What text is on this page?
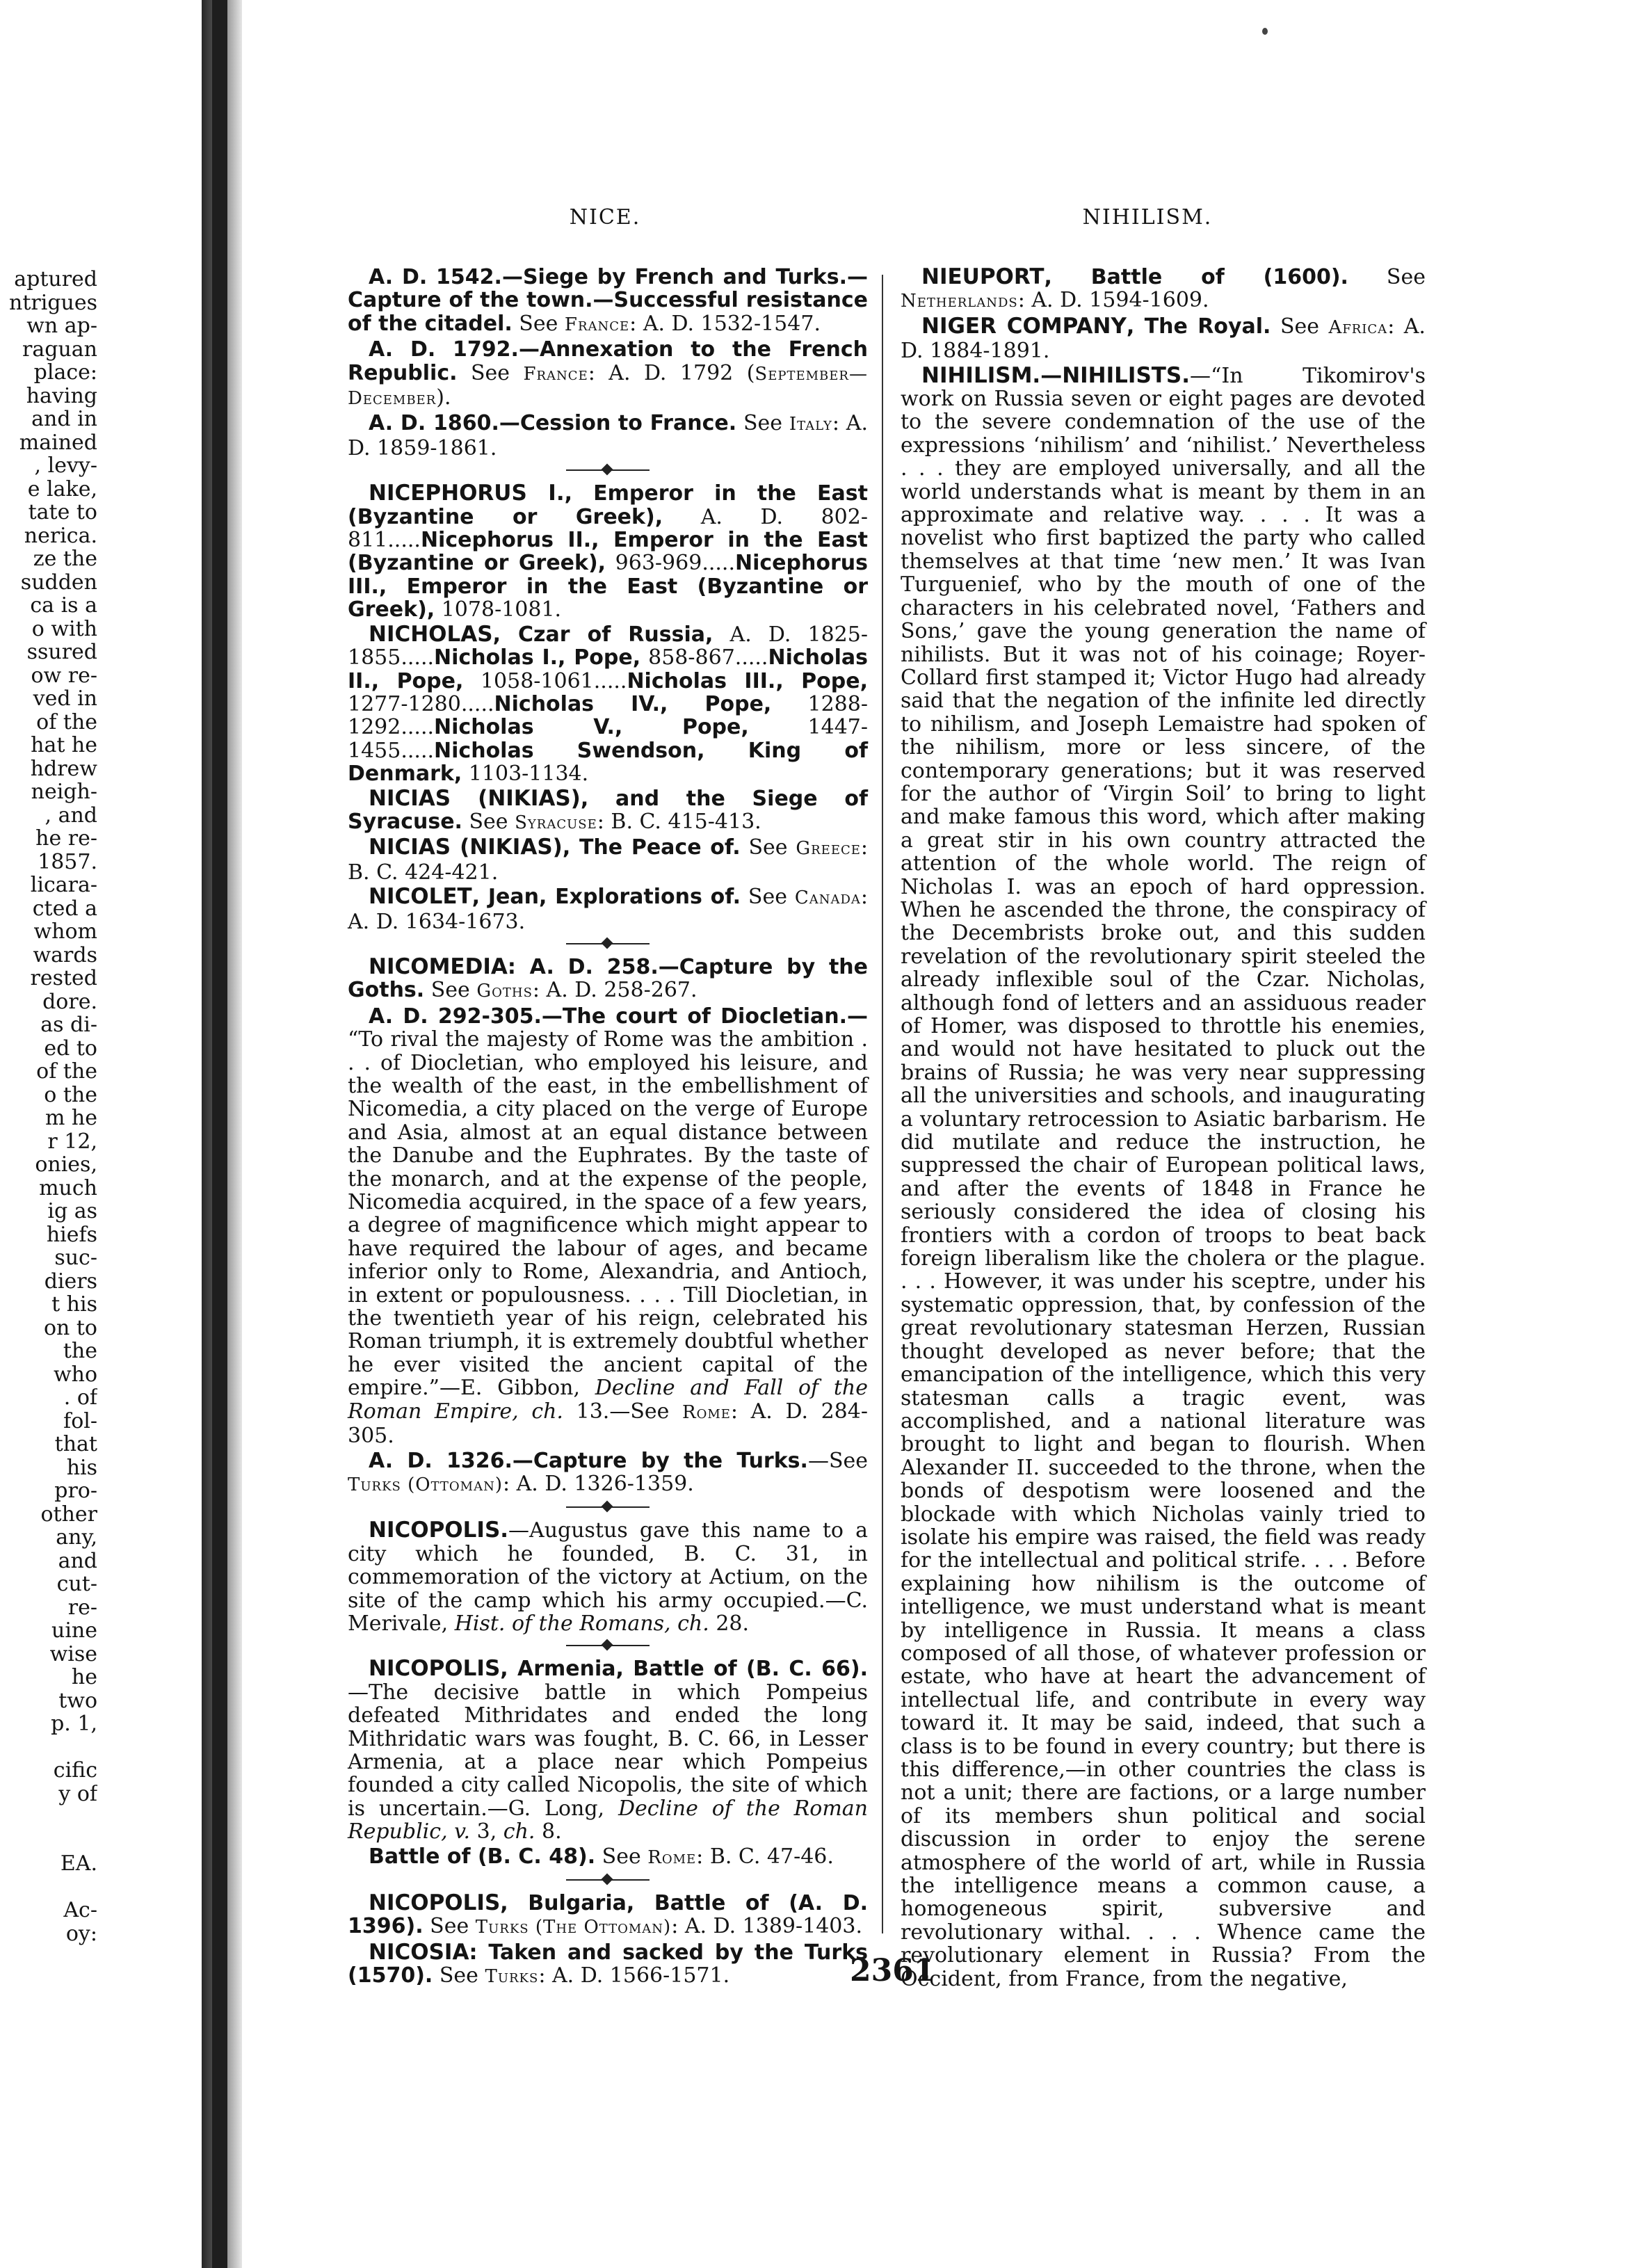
aptured
ntrigues
wn ap-
raguan
place:
having
and in
mained
, levy-
e lake,
tate to
nerica.
ze the
sudden
ca is a
o with
ssured
ow re-
ved in
of the
hat he
hdrew
neigh-
, and
he re-
1857.
licara-
cted a
whom
wards
rested
dore.
as di-
ed to
of the
o the
m he
r 12,
onies,
much
ig as
hiefs
suc-
diers
t his
on to
the
who
. of
fol-
that
his
pro-
other
any,
and
cut-
re-
uine
wise
he
two
p. 1,
cific
y of
EA.
Ac-
oy:
NICE.	NIHILISM.

A. D. 1542.—Siege by French and Turks.—Capture of the town.—Successful resistance of the citadel. See France: A. D. 1532-1547.

A. D. 1792.—Annexation to the French Republic. See France: A. D. 1792 (September—December).

A. D. 1860.—Cession to France. See Italy: A. D. 1859-1861.

NICEPHORUS I., Emperor in the East (Byzantine or Greek), A. D. 802-811.....Nicephorus II., Emperor in the East (Byzantine or Greek), 963-969.....Nicephorus III., Emperor in the East (Byzantine or Greek), 1078-1081.

NICHOLAS, Czar of Russia, A. D. 1825-1855.....Nicholas I., Pope, 858-867.....Nicholas II., Pope, 1058-1061.....Nicholas III., Pope, 1277-1280.....Nicholas IV., Pope, 1288-1292.....Nicholas V., Pope,	1447-1455.....Nicholas Swendson, King of Denmark, 1103-1134.

NICIAS (NIKIAS), and the Siege of Syracuse. See Syracuse: B. C. 415-413.

NICIAS (NIKIAS), The Peace of. See Greece: B. C. 424-421.

NICOLET, Jean, Explorations of. See Canada: A. D. 1634-1673.

NICOMEDIA: A. D. 258.—Capture by the Goths. See Goths: A. D. 258-267.

A. D. 292-305.—The court of Diocletian.— “To rival the majesty of Rome was the ambition . . . of Diocletian, who employed his leisure, and the wealth of the east, in the embellishment of Nicomedia, a city placed on the verge of Europe and Asia, almost at an equal distance between the Danube and the Euphrates. By the taste of the monarch, and at the expense of the people, Nicomedia acquired, in the space of a few years, a degree of magnificence which might appear to have required the labour of ages, and became inferior only to Rome, Alexandria, and Antioch, in extent or populousness. . . . Till Diocletian, in the twentieth year of his reign, celebrated his Roman triumph, it is extremely doubtful whether he ever visited the ancient capital of the empire.”—E. Gibbon, Decline and Fall of the Roman Empire, ch. 13.—See Rome: A. D. 284-305.

A. D. 1326.—Capture by the Turks.—See Turks (Ottoman): A. D. 1326-1359.

NICOPOLIS.—Augustus gave this name to a city which he founded, B. C. 31, in commemoration of the victory at Actium, on the site of the camp which his army occupied.—C. Merivale, Hist. of the Romans, ch. 28.

NICOPOLIS, Armenia, Battle of (B. C. 66).—The decisive battle in which Pompeius defeated Mithridates and ended the long Mithridatic wars was fought, B. C. 66, in Lesser Armenia, at a place near which Pompeius founded a city called Nicopolis, the site of which is uncertain.—G. Long, Decline of the Roman Republic, v. 3, ch. 8.

Battle of (B. C. 48). See Rome: B. C. 47-46.

NICOPOLIS, Bulgaria, Battle of (A. D. 1396). See Turks (The Ottoman): A. D. 1389-1403.

NICOSIA: Taken and sacked by the Turks (1570). See Turks: A. D. 1566-1571.

NIEUPORT, Battle of (1600). See Netherlands: A. D. 1594-1609.

NIGER COMPANY, The Royal. See Africa: A. D. 1884-1891.

NIHILISM.—NIHILISTS.—“In Tikomirov's work on Russia seven or eight pages are devoted to the severe condemnation of the use of the expressions ‘nihilism’ and ‘nihilist.’ Nevertheless . . . they are employed universally, and all the world understands what is meant by them in an approximate and relative way. . . . It was a novelist who first baptized the party who called themselves at that time ‘new men.’ It was Ivan Turgueniеf, who by the mouth of one of the characters in his celebrated novel, ‘Fathers and Sons,’ gave the young generation the name of nihilists. But it was not of his coinage; Royer-Collard first stamped it; Victor Hugo had already said that the negation of the infinite led directly to nihilism, and Joseph Lemaistre had spoken of the nihilism, more or less sincere, of the contemporary generations; but it was reserved for the author of ‘Virgin Soil’ to bring to light and make famous this word, which after making a great stir in his own country attracted the attention of the whole world. The reign of Nicholas I. was an epoch of hard oppression. When he ascended the throne, the conspiracy of the Decembrists broke out, and this sudden revelation of the revolutionary spirit steeled the already inflexible soul of the Czar. Nicholas, although fond of letters and an assiduous reader of Homer, was disposed to throttle his enemies, and would not have hesitated to pluck out the brains of Russia; he was very near suppressing all the universities and schools, and inaugurating a voluntary retrocession to Asiatic barbarism. He did mutilate and reduce the instruction, he suppressed the chair of European political laws, and after the events of 1848 in France he seriously considered the idea of closing his frontiers with a cordon of troops to beat back foreign liberalism like the cholera or the plague. . . . However, it was under his sceptre, under his systematic oppression, that, by confession of the great revolutionary statesman Herzen, Russian thought developed as never before; that the emancipation of the intelligence, which this very statesman calls a tragic event, was accomplished, and a national literature was brought to light and began to flourish. When Alexander II. succeeded to the throne, when the bonds of despotism were loosened and the blockade with which Nicholas vainly tried to isolate his empire was raised, the field was ready for the intellectual and political strife. . . . Before explaining how nihilism is the outcome of intelligence, we must understand what is meant by intelligence in Russia. It means a class composed of all those, of whatever profession or estate, who have at heart the advancement of intellectual life, and contribute in every way toward it. It may be said, indeed, that such a class is to be found in every country; but there is this difference,—in other countries the class is not a unit; there are factions, or a large number of its members shun political and social discussion in order to enjoy the serene atmosphere of the world of art, while in Russia the intelligence means a common cause, a homogeneous spirit, subversive and revolutionary withal. . . . Whence came the revolutionary element in Russia? From the Occident, from France, from the negative,

2361
